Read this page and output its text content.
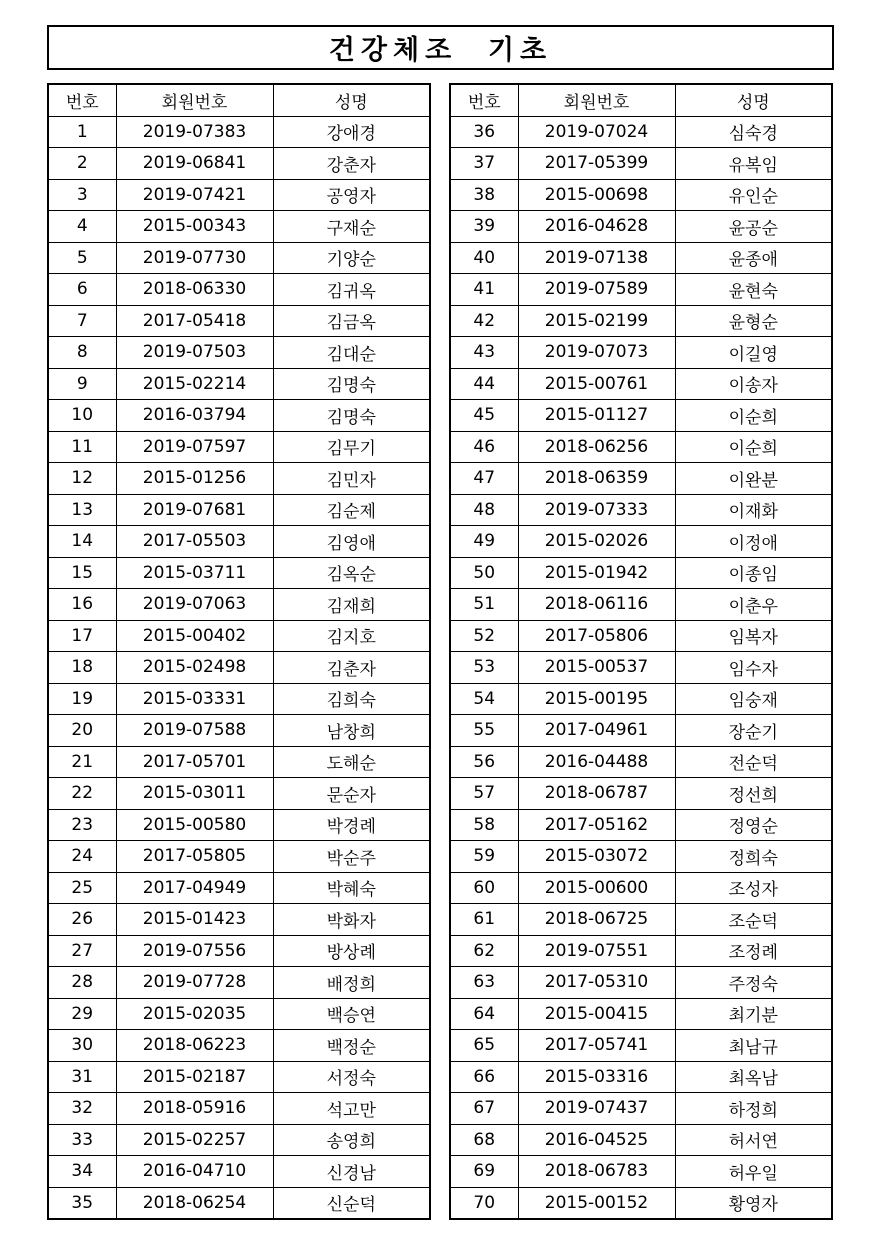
건강체조  기초
번호	회원번호	성명
1	2019-07383	강애경
2	2019-06841	강춘자
3	2019-07421	공영자
4	2015-00343	구재순
5	2019-07730	기양순
6	2018-06330	김귀옥
7	2017-05418	김금옥
8	2019-07503	김대순
9	2015-02214	김명숙
10	2016-03794	김명숙
11	2019-07597	김무기
12	2015-01256	김민자
13	2019-07681	김순제
14	2017-05503	김영애
15	2015-03711	김옥순
16	2019-07063	김재희
17	2015-00402	김지호
18	2015-02498	김춘자
19	2015-03331	김희숙
20	2019-07588	남창희
21	2017-05701	도해순
22	2015-03011	문순자
23	2015-00580	박경례
24	2017-05805	박순주
25	2017-04949	박혜숙
26	2015-01423	박화자
27	2019-07556	방상례
28	2019-07728	배정희
29	2015-02035	백승연
30	2018-06223	백정순
31	2015-02187	서정숙
32	2018-05916	석고만
33	2015-02257	송영희
34	2016-04710	신경남
35	2018-06254	신순덕
번호	회원번호	성명
36	2019-07024	심숙경
37	2017-05399	유복임
38	2015-00698	유인순
39	2016-04628	윤공순
40	2019-07138	윤종애
41	2019-07589	윤현숙
42	2015-02199	윤형순
43	2019-07073	이길영
44	2015-00761	이송자
45	2015-01127	이순희
46	2018-06256	이순희
47	2018-06359	이완분
48	2019-07333	이재화
49	2015-02026	이정애
50	2015-01942	이종임
51	2018-06116	이춘우
52	2017-05806	임복자
53	2015-00537	임수자
54	2015-00195	임숭재
55	2017-04961	장순기
56	2016-04488	전순덕
57	2018-06787	정선희
58	2017-05162	정영순
59	2015-03072	정희숙
60	2015-00600	조성자
61	2018-06725	조순덕
62	2019-07551	조정례
63	2017-05310	주정숙
64	2015-00415	최기분
65	2017-05741	최남규
66	2015-03316	최옥남
67	2019-07437	하정희
68	2016-04525	허서연
69	2018-06783	허우일
70	2015-00152	황영자
